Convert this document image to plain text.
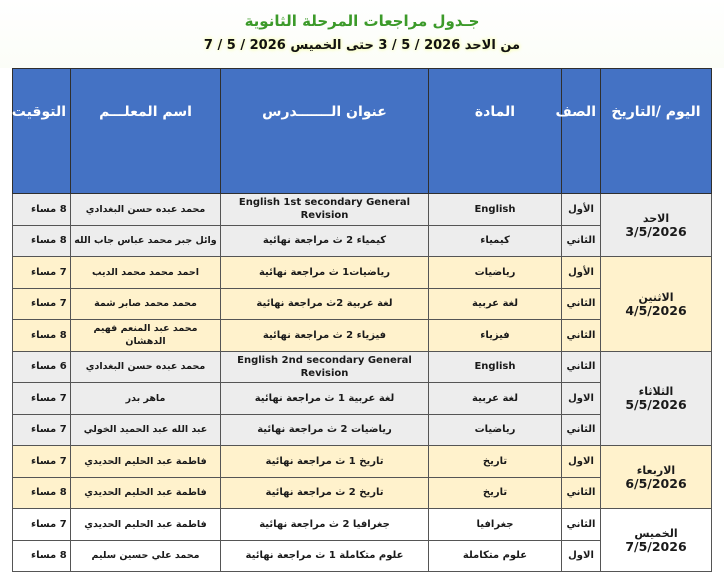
جـدول مراجعات المرحلة الثانوية
من الاحد 2026 / 5 / 3 حتى الخميس 2026 / 5 / 7
اليوم /التاريخ	الصف	المادة	عنوان الـــــــدرس	اسم المعلـــم	التوقيت

الاحد
3/5/2026	الأول	English	English 1st secondary General Revision	محمد عبده حسن البغدادي	8 مساء
	الثاني	كيمياء	كيمياء 2 ث مراجعة نهائية	وائل جبر محمد عباس جاب الله	8 مساء

الاثنين
4/5/2026	الأول	رياضيات	رياضيات1 ث مراجعة نهائية	احمد محمد محمد الديب	7 مساء
	الثاني	لغة عربية	لغة عربية 2ث مراجعة نهائية	محمد محمد صابر شمة	7 مساء
	الثاني	فيزياء	فيزياء 2 ث مراجعة نهائية	محمد عبد المنعم فهيم الدهشان	8 مساء

الثلاثاء
5/5/2026	الثاني	English	English 2nd secondary General Revision	محمد عبده حسن البغدادي	6 مساء
	الاول	لغة عربية	لغة عربية 1 ث مراجعة نهائية	ماهر بدر	7 مساء
	الثاني	رياضيات	رياضيات 2 ث مراجعة نهائية	عبد الله عبد الحميد الخولي	7 مساء

الاربعاء
6/5/2026	الاول	تاريخ	تاريخ 1 ث مراجعة نهائية	فاطمة عبد الحليم الحديدي	7 مساء
	الثاني	تاريخ	تاريخ 2 ث مراجعة نهائية	فاطمة عبد الحليم الحديدي	8 مساء

الخميس
7/5/2026	الثاني	جغرافيا	جغرافيا 2 ث مراجعة نهائية	فاطمة عبد الحليم الحديدي	7 مساء
	الاول	علوم متكاملة	علوم متكاملة 1 ث مراجعة نهائية	محمد علي حسين سليم	8 مساء
